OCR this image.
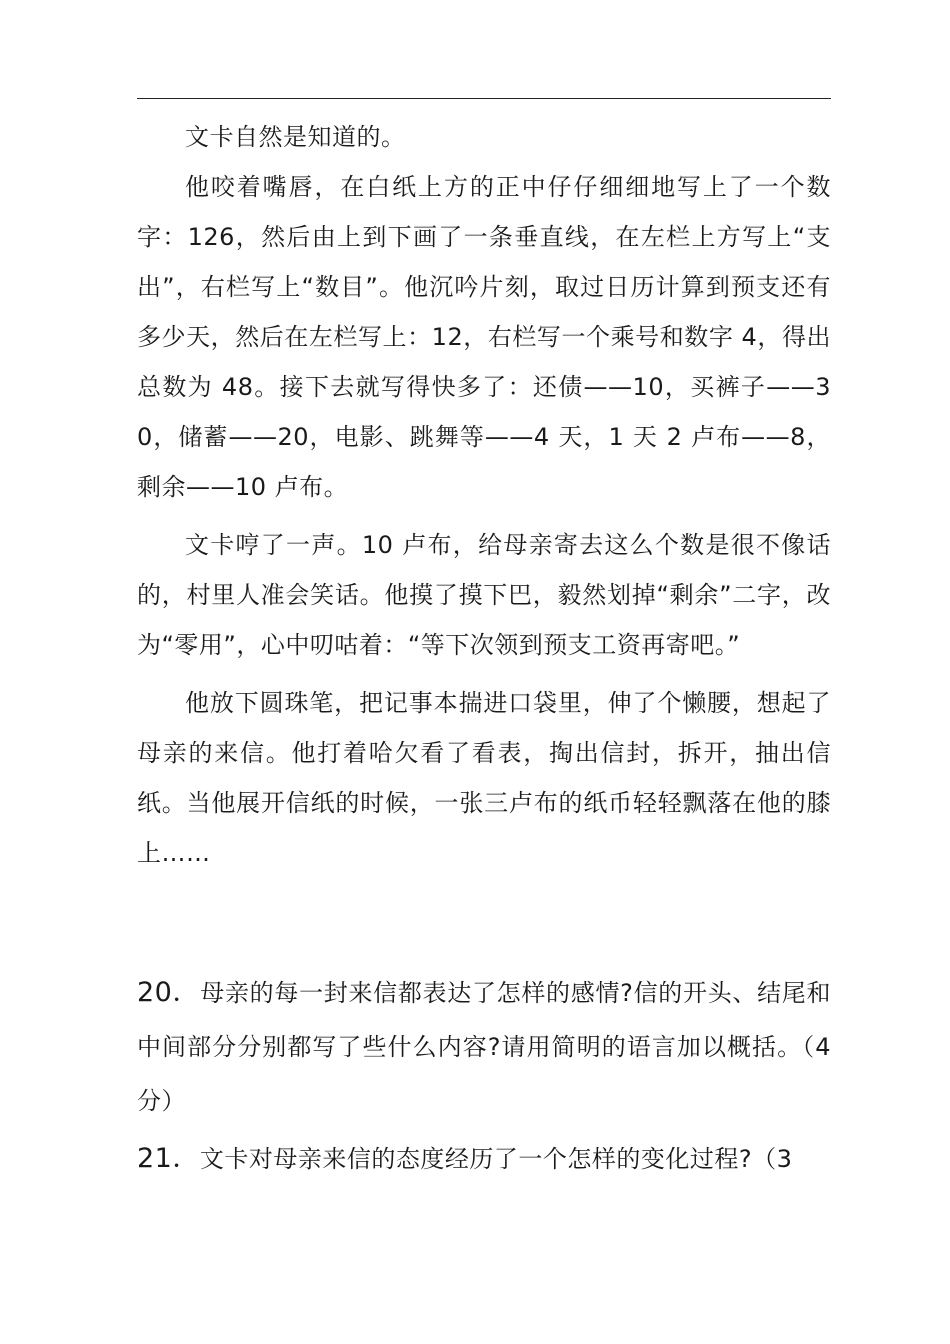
文卡自然是知道的。

他咬着嘴唇，在白纸上方的正中仔仔细细地写上了一个数字：126，然后由上到下画了一条垂直线，在左栏上方写上“支出”，右栏写上“数目”。他沉吟片刻，取过日历计算到预支还有多少天，然后在左栏写上：12，右栏写一个乘号和数字 4，得出总数为 48。接下去就写得快多了：还债——10，买裤子——30，储蓄——20，电影、跳舞等——4 天，1 天 2 卢布——8，剩余——10 卢布。

文卡哼了一声。10 卢布，给母亲寄去这么个数是很不像话的，村里人准会笑话。他摸了摸下巴，毅然划掉“剩余”二字，改为“零用”，心中叨咕着：“等下次领到预支工资再寄吧。”

他放下圆珠笔，把记事本揣进口袋里，伸了个懒腰，想起了母亲的来信。他打着哈欠看了看表，掏出信封，拆开，抽出信纸。当他展开信纸的时候，一张三卢布的纸币轻轻飘落在他的膝上……

20．母亲的每一封来信都表达了怎样的感情?信的开头、结尾和中间部分分别都写了些什么内容?请用简明的语言加以概括。（4 分）

21．文卡对母亲来信的态度经历了一个怎样的变化过程?（3
